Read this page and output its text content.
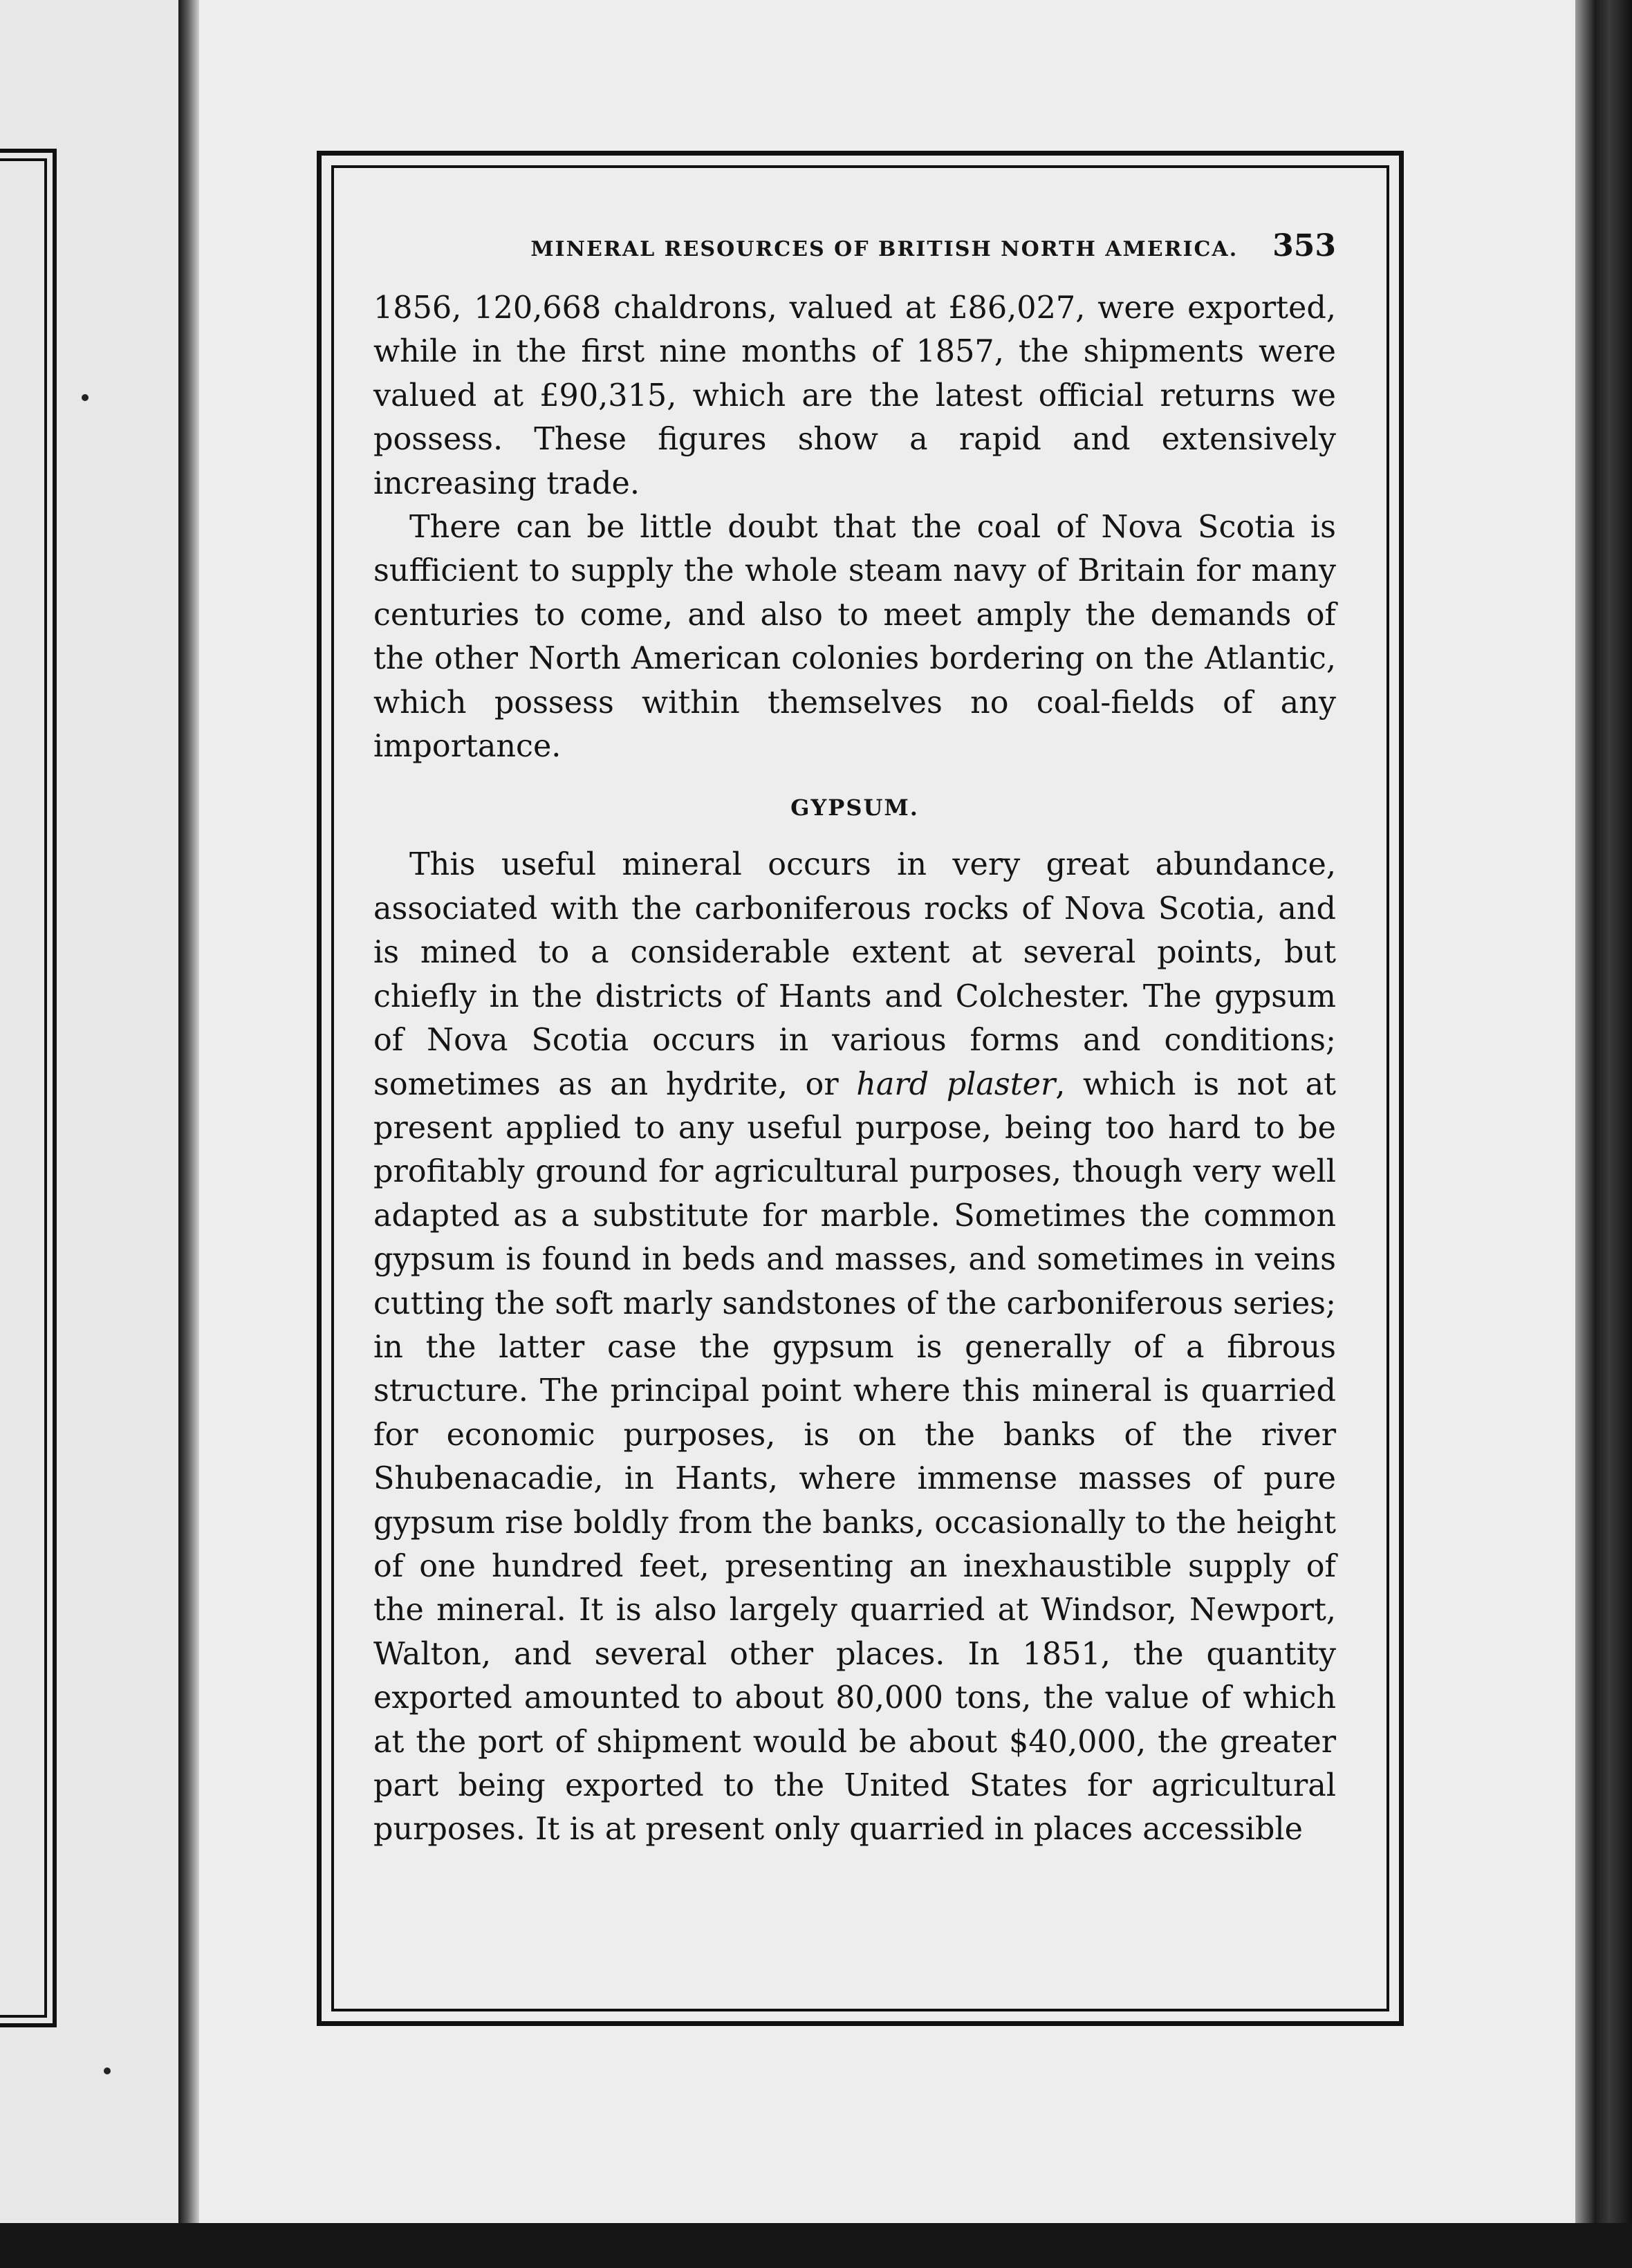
MINERAL RESOURCES OF BRITISH NORTH AMERICA. 353

1856, 120,668 chaldrons, valued at £86,027, were exported, while in the first nine months of 1857, the shipments were valued at £90,315, which are the latest official returns we possess. These figures show a rapid and extensively increasing trade.

There can be little doubt that the coal of Nova Scotia is sufficient to supply the whole steam navy of Britain for many centuries to come, and also to meet amply the demands of the other North American colonies bordering on the Atlantic, which possess within themselves no coal-fields of any importance.

GYPSUM.

This useful mineral occurs in very great abundance, associated with the carboniferous rocks of Nova Scotia, and is mined to a considerable extent at several points, but chiefly in the districts of Hants and Colchester. The gypsum of Nova Scotia occurs in various forms and conditions; sometimes as an hydrite, or hard plaster, which is not at present applied to any useful purpose, being too hard to be profitably ground for agricultural purposes, though very well adapted as a substitute for marble. Sometimes the common gypsum is found in beds and masses, and sometimes in veins cutting the soft marly sandstones of the carboniferous series; in the latter case the gypsum is generally of a fibrous structure. The principal point where this mineral is quarried for economic purposes, is on the banks of the river Shubenacadie, in Hants, where immense masses of pure gypsum rise boldly from the banks, occasionally to the height of one hundred feet, presenting an inexhaustible supply of the mineral. It is also largely quarried at Windsor, Newport, Walton, and several other places. In 1851, the quantity exported amounted to about 80,000 tons, the value of which at the port of shipment would be about $40,000, the greater part being exported to the United States for agricultural purposes. It is at present only quarried in places accessible
